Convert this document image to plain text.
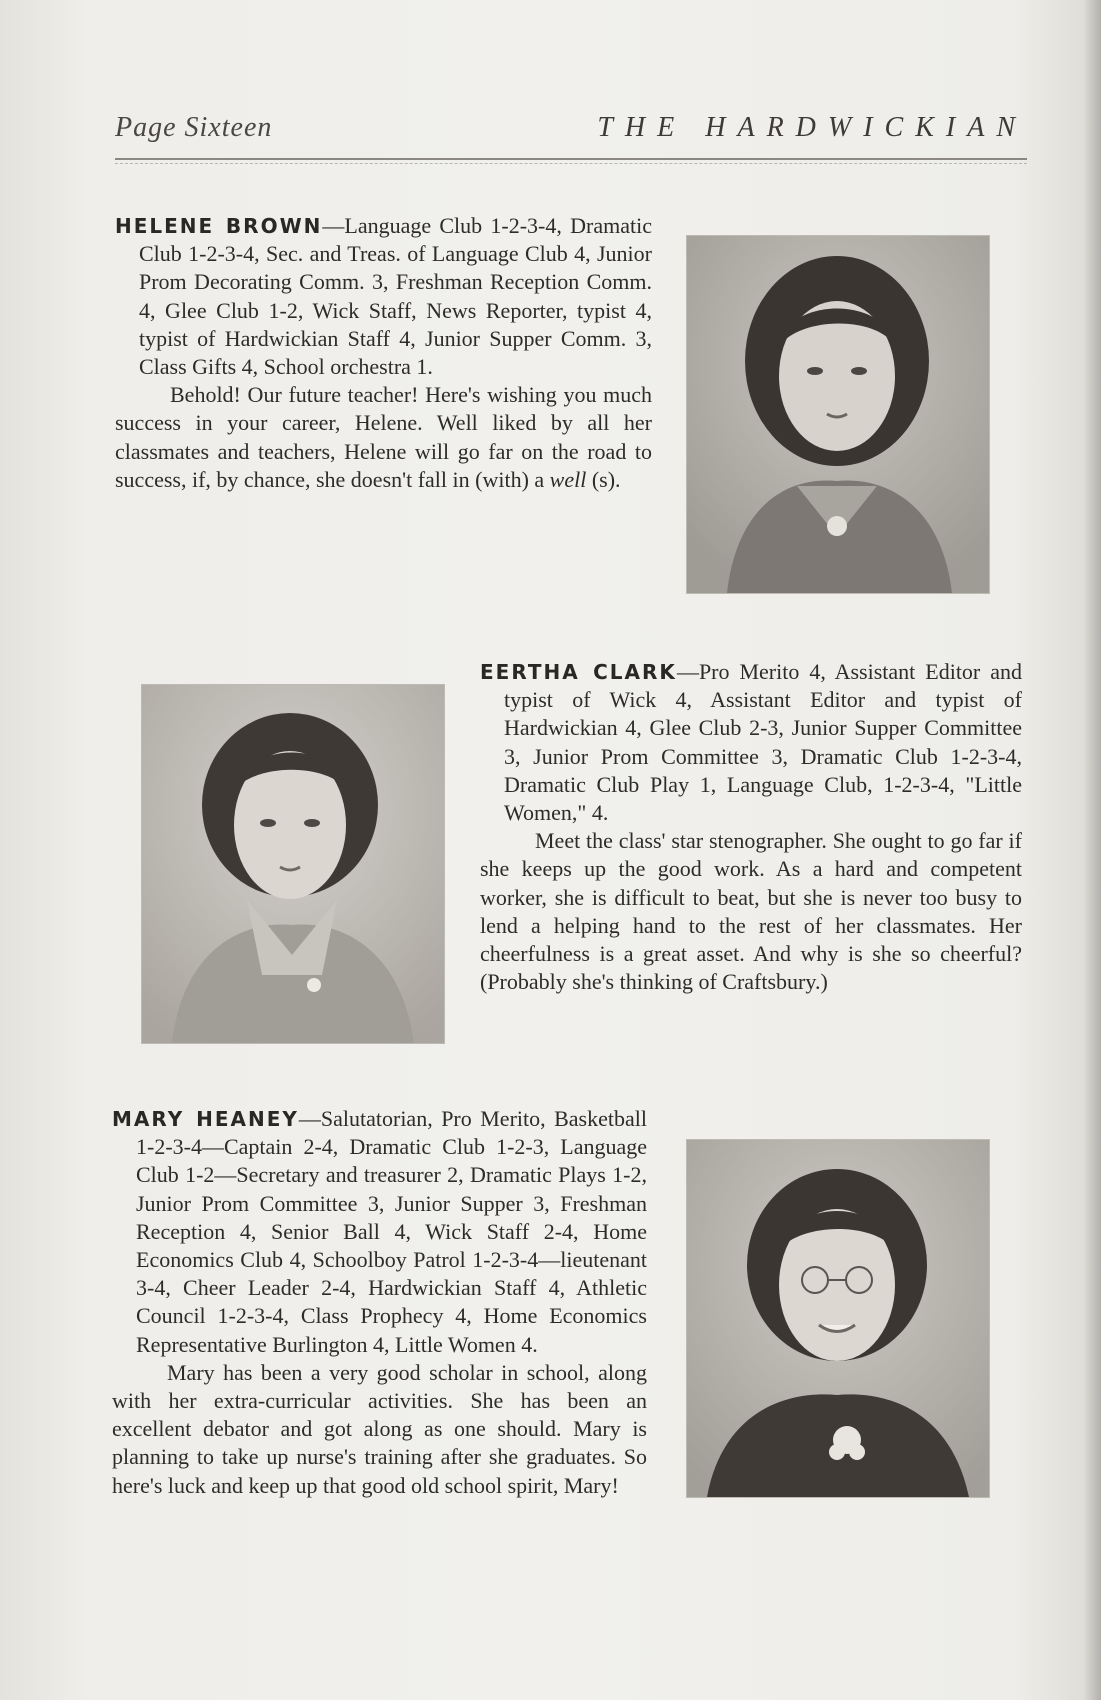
Page Sixteen	THE HARDWICKIAN

HELENE BROWN—Language Club 1-2-3-4, Dramatic Club 1-2-3-4, Sec. and Treas. of Language Club 4, Junior Prom Decorating Comm. 3, Freshman Reception Comm. 4, Glee Club 1-2, Wick Staff, News Reporter, typist 4, typist of Hardwickian Staff 4, Junior Supper Comm. 3, Class Gifts 4, School orchestra 1.

Behold! Our future teacher! Here's wishing you much success in your career, Helene. Well liked by all her classmates and teachers, Helene will go far on the road to success, if, by chance, she doesn't fall in (with) a well (s).

EERTHA CLARK—Pro Merito 4, Assistant Editor and typist of Wick 4, Assistant Editor and typist of Hardwickian 4, Glee Club 2-3, Junior Supper Committee 3, Junior Prom Committee 3, Dramatic Club 1-2-3-4, Dramatic Club Play 1, Language Club, 1-2-3-4, "Little Women," 4.

Meet the class' star stenographer. She ought to go far if she keeps up the good work. As a hard and competent worker, she is difficult to beat, but she is never too busy to lend a helping hand to the rest of her classmates. Her cheerfulness is a great asset. And why is she so cheerful? (Probably she's thinking of Craftsbury.)

MARY HEANEY—Salutatorian, Pro Merito, Basketball 1-2-3-4—Captain 2-4, Dramatic Club 1-2-3, Language Club 1-2—Secretary and treasurer 2, Dramatic Plays 1-2, Junior Prom Committee 3, Junior Supper 3, Freshman Reception 4, Senior Ball 4, Wick Staff 2-4, Home Economics Club 4, Schoolboy Patrol 1-2-3-4—lieutenant 3-4, Cheer Leader 2-4, Hardwickian Staff 4, Athletic Council 1-2-3-4, Class Prophecy 4, Home Economics Representative Burlington 4, Little Women 4.

Mary has been a very good scholar in school, along with her extra-curricular activities. She has been an excellent debator and got along as one should. Mary is planning to take up nurse's training after she graduates. So here's luck and keep up that good old school spirit, Mary!
